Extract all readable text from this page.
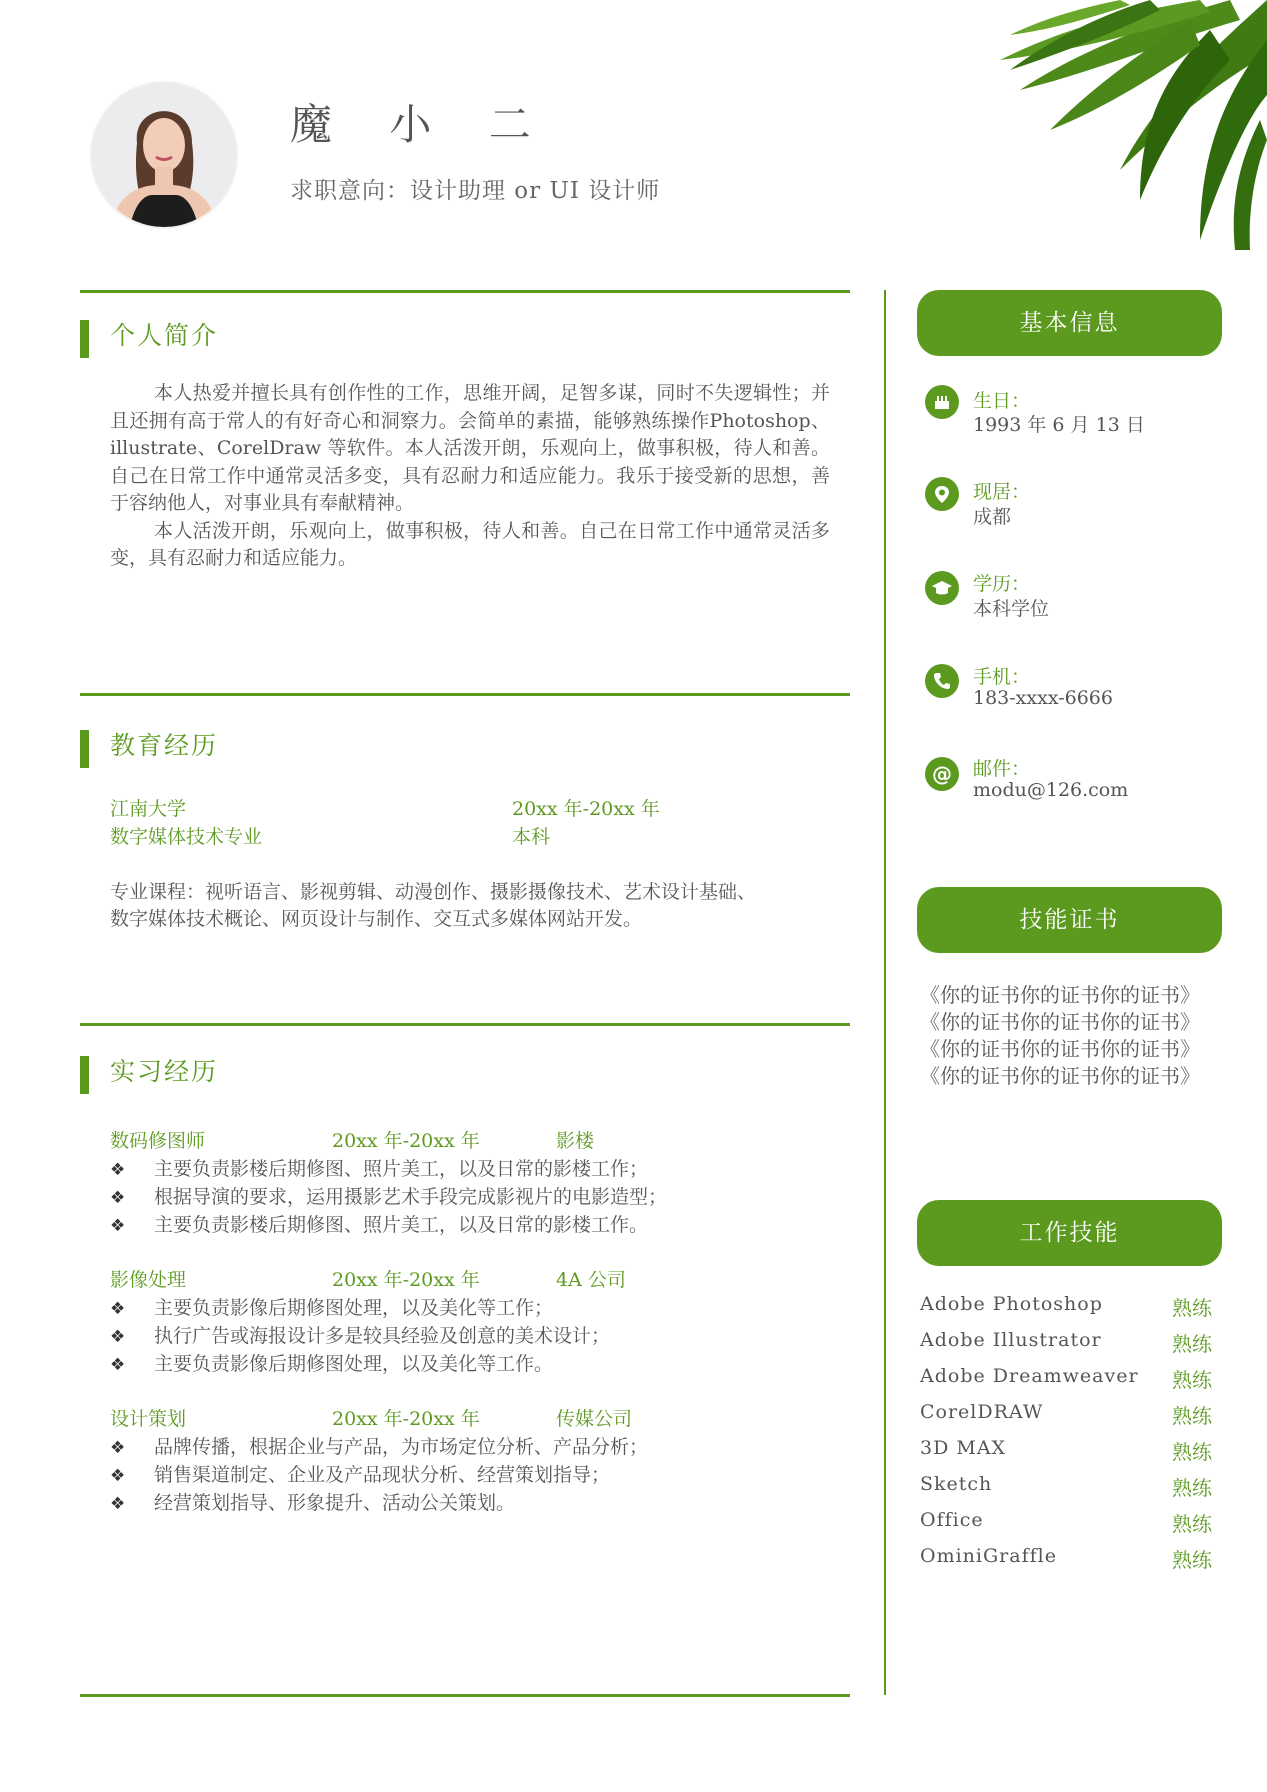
魔 小 二
求职意向：设计助理 or UI 设计师
个人简介

本人热爱并擅长具有创作性的工作，思维开阔，足智多谋，同时不失逻辑性；并且还拥有高于常人的有好奇心和洞察力。会简单的素描，能够熟练操作Photoshop、illustrate、CorelDraw 等软件。本人活泼开朗，乐观向上，做事积极，待人和善。自己在日常工作中通常灵活多变，具有忍耐力和适应能力。我乐于接受新的思想，善于容纳他人，对事业具有奉献精神。

本人活泼开朗，乐观向上，做事积极，待人和善。自己在日常工作中通常灵活多变，具有忍耐力和适应能力。

教育经历
江南大学	20xx 年-20xx 年
数字媒体技术专业	本科
专业课程：视听语言、影视剪辑、动漫创作、摄影摄像技术、艺术设计基础、
数字媒体技术概论、网页设计与制作、交互式多媒体网站开发。
实习经历
数码修图师	20xx 年-20xx 年	影楼
❖ 主要负责影楼后期修图、照片美工，以及日常的影楼工作；
❖ 根据导演的要求，运用摄影艺术手段完成影视片的电影造型；
❖ 主要负责影楼后期修图、照片美工，以及日常的影楼工作。
影像处理	20xx 年-20xx 年	4A 公司
❖ 主要负责影像后期修图处理，以及美化等工作；
❖ 执行广告或海报设计多是较具经验及创意的美术设计；
❖ 主要负责影像后期修图处理，以及美化等工作。
设计策划	20xx 年-20xx 年	传媒公司
❖ 品牌传播，根据企业与产品，为市场定位分析、产品分析；
❖ 销售渠道制定、企业及产品现状分析、经营策划指导；
❖ 经营策划指导、形象提升、活动公关策划。
基本信息
生日：
1993 年 6 月 13 日
现居：
成都
学历：
本科学位
手机：
183-xxxx-6666
@ 邮件：
modu@126.com
技能证书
《你的证书你的证书你的证书》
《你的证书你的证书你的证书》
《你的证书你的证书你的证书》
《你的证书你的证书你的证书》
工作技能
Adobe Photoshop	熟练
Adobe Illustrator	熟练
Adobe Dreamweaver 熟练
CorelDRAW	熟练
3D MAX	熟练
Sketch	熟练
Office	熟练
OminiGraffle	熟练
